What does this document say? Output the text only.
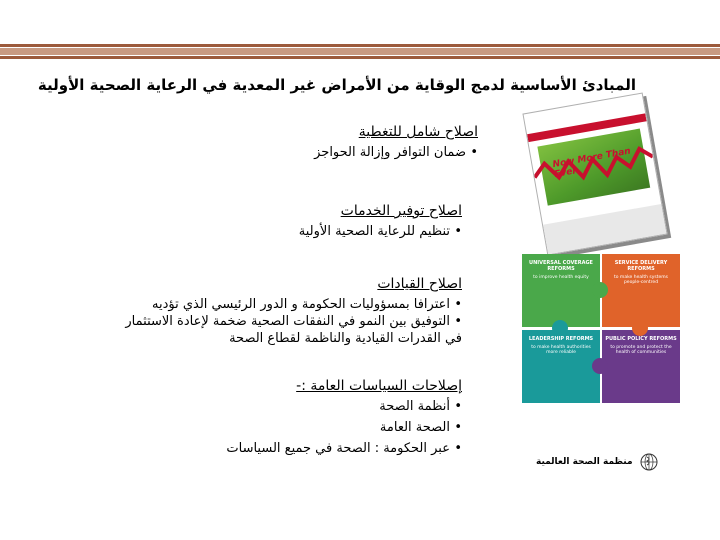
المبادئ الأساسية لدمج الوقاية من الأمراض غير المعدية في الرعاية الصحية الأولية
اصلاح شامل للتغطية
• ضمان التوافر وإزالة الحواجز
اصلاح توفير الخدمات
• تنظيم للرعاية الصحية الأولية
اصلاح القيادات
• اعترافا بمسؤوليات الحكومة و الدور الرئيسي الذي تؤديه
• التوفيق بين النمو في النفقات الصحية ضخمة لإعادة الاستثمار
في القدرات القيادية والناظمة لقطاع الصحة
إصلاحات السياسات العامة :-
• أنظمة الصحة
• الصحة العامة
• عبر الحكومة : الصحة في جميع السياسات
Now More Than Ever
UNIVERSAL COVERAGE REFORMS
to improve health equity
SERVICE DELIVERY REFORMS
to make health systems people-centred
LEADERSHIP REFORMS
to make health authorities more reliable
PUBLIC POLICY REFORMS
to promote and protect the health of communities
منظمة الصحة العالمية
